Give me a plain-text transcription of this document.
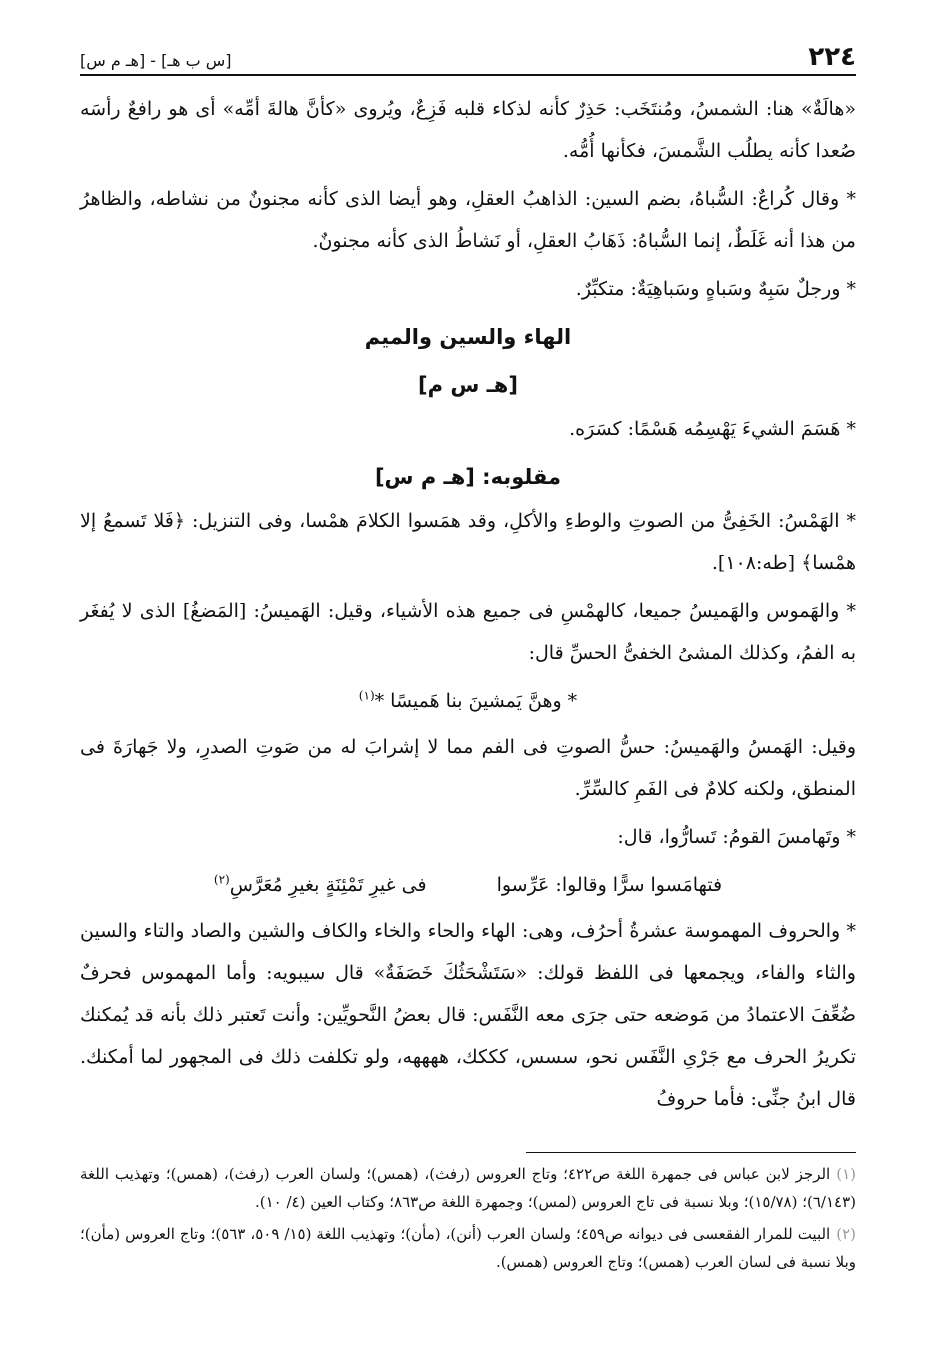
٢٢٤
[س ب هـ] - [هـ م س]

«هالَةٌ» هنا: الشمسُ، ومُنتَخَب: حَذِرٌ كأنه لذكاء قلبه فَزِعٌ، ويُروى «كأنَّ هالةَ أمِّه» أى هو رافعٌ رأسَه صُعدا كأنه يطلُب الشَّمسَ، فكأنها أُمُّه.

* وقال كُراعٌ: السُّباهُ، بضم السين: الذاهبُ العقلِ، وهو أيضا الذى كأنه مجنونٌ من نشاطه، والظاهرُ من هذا أنه غَلَطٌ، إنما السُّباهُ: ذَهَابُ العقلِ، أو نَشاطُ الذى كأنه مجنونٌ.

* ورجلٌ سَبِهٌ وسَباهٍ وسَباهِيَةٌ: متكبِّرٌ.

الهاء والسين والميم
[هـ س م]

* هَسَمَ الشيءَ يَهْسِمُه هَسْمًا: كسَرَه.

مقلوبه: [هـ م س]

* الهَمْسُ: الخَفِىُّ من الصوتِ والوطءِ والأكلِ، وقد همَسوا الكلامَ همْسا، وفى التنزيل: ﴿فَلا تَسمعُ إلا همْسا﴾ [طه:١٠٨].

* والهَموس والهَميسُ جميعا، كالهمْسِ فى جميع هذه الأشياء، وقيل: الهَميسُ: [المَضغُ] الذى لا يُفغَر به الفمُ، وكذلك المشىُ الخفىُّ الحسِّ قال:

* وهنَّ يَمشينَ بنا هَميسًا *$^{(١)}$

وقيل: الهَمسُ والهَميسُ: حسُّ الصوتِ فى الفم مما لا إشرابَ له من صَوتِ الصدرِ، ولا جَهارَةَ فى المنطق، ولكنه كلامٌ فى الفَمِ كالسِّرِّ.

* وتَهامسَ القومُ: تَسارُّوا، قال:

فتهامَسوا سرًّا وقالوا: عَرِّسوا
فى غيرِ تَمْئِنَةٍ بغيرِ مُعَرَّسِ$^{(٢)}$

* والحروف المهموسة عشرةُ أحرُف، وهى: الهاء والحاء والخاء والكاف والشين والصاد والتاء والسين والثاء والفاء، ويجمعها فى اللفظ قولك: «سَتَشْحَثُكَ خَصَفَةٌ» قال سيبويه: وأما المهموس فحرفٌ ضُعِّفَ الاعتمادُ من مَوضعه حتى جرَى معه النَّفَس: قال بعضُ النَّحويِّين: وأنت تَعتبر ذلك بأنه قد يُمكنك تكريرُ الحرف مع جَرْىِ النَّفَس نحو، سسس، كككك، ههههه، ولو تكلفت ذلك فى المجهور لما أمكنك. قال ابنُ جنِّى: فأما حروفُ

(١)الرجز لابن عباس فى جمهرة اللغة ص٤٢٢؛ وتاج العروس (رفث)، (همس)؛ ولسان العرب (رفث)، (همس)؛ وتهذيب اللغة (٦/١٤٣)؛ (١٥/٧٨)؛ وبلا نسبة فى تاج العروس (لمس)؛ وجمهرة اللغة ص٨٦٣؛ وكتاب العين (٤/ ١٠).

(٢)البيت للمرار الفقعسى فى ديوانه ص٤٥٩؛ ولسان العرب (أنن)، (مأن)؛ وتهذيب اللغة (١٥/ ٥٠٩، ٥٦٣)؛ وتاج العروس (مأن)؛ وبلا نسبة فى لسان العرب (همس)؛ وتاج العروس (همس).
